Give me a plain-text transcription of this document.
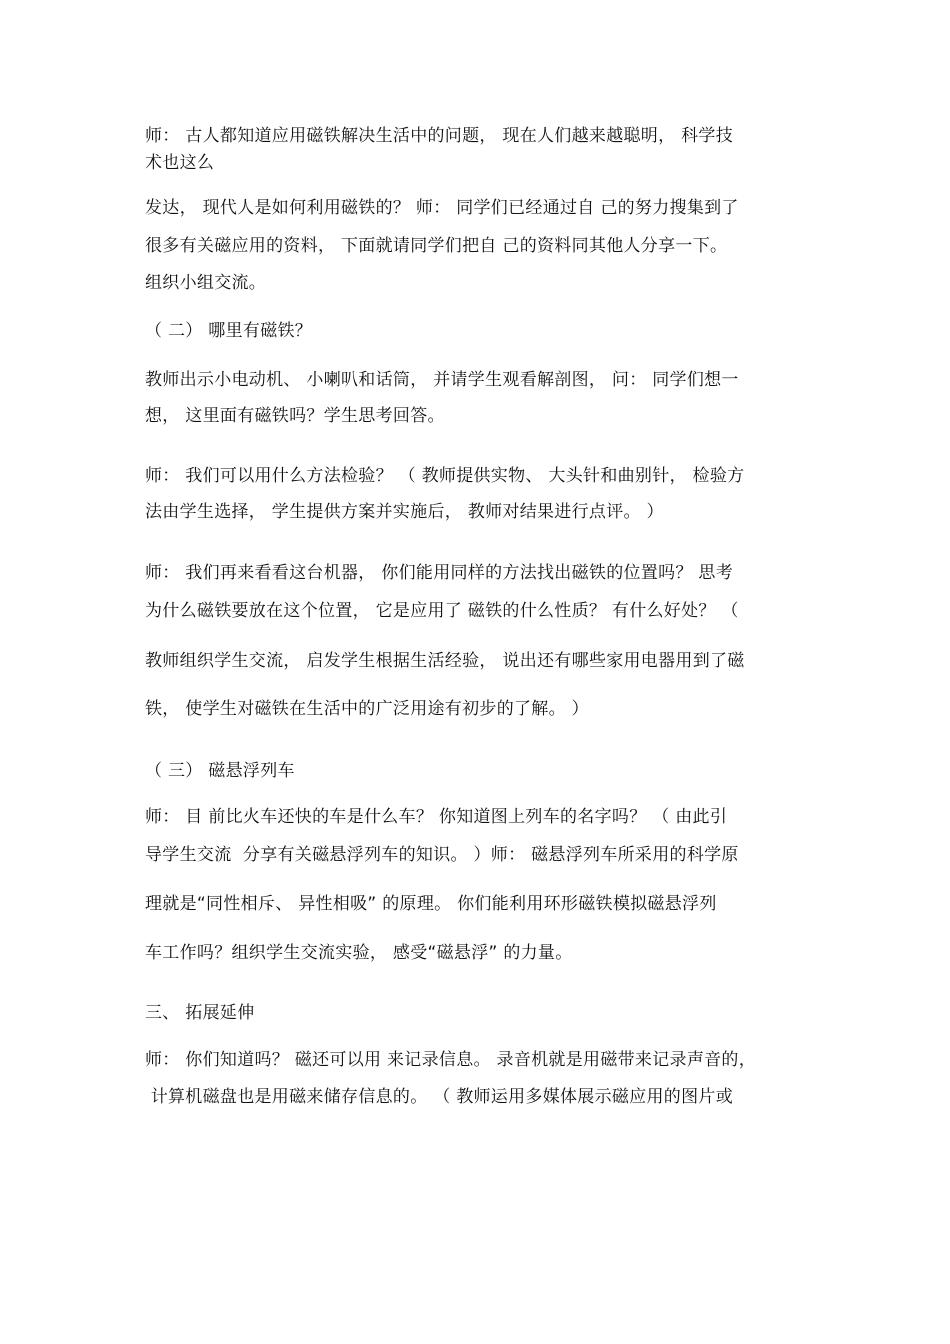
师： 古人都知道应用磁铁解决生活中的问题， 现在人们越来越聪明， 科学技
术也这么
发达， 现代人是如何利用磁铁的？ 师： 同学们已经通过自 己的努力搜集到了
很多有关磁应用的资料， 下面就请同学们把自 己的资料同其他人分享一下。
组织小组交流。
（ 二） 哪里有磁铁？
教师出示小电动机、 小喇叭和话筒， 并请学生观看解剖图， 问： 同学们想一
想， 这里面有磁铁吗？学生思考回答。
师： 我们可以用什么方法检验？ （ 教师提供实物、 大头针和曲别针， 检验方
法由学生选择， 学生提供方案并实施后， 教师对结果进行点评。 ）
师： 我们再来看看这台机器， 你们能用同样的方法找出磁铁的位置吗？ 思考
为什么磁铁要放在这个位置， 它是应用了 磁铁的什么性质？ 有什么好处？ （
教师组织学生交流， 启发学生根据生活经验， 说出还有哪些家用电器用到了磁
铁， 使学生对磁铁在生活中的广泛用途有初步的了解。 ）
（ 三） 磁悬浮列车
师： 目 前比火车还快的车是什么车？ 你知道图上列车的名字吗？ （ 由此引
导学生交流  分享有关磁悬浮列车的知识。 ）师： 磁悬浮列车所采用的科学原
理就是“同性相斥、 异性相吸” 的原理。 你们能利用环形磁铁模拟磁悬浮列
车工作吗？组织学生交流实验， 感受“磁悬浮” 的力量。
三、 拓展延伸
师： 你们知道吗？ 磁还可以用 来记录信息。 录音机就是用磁带来记录声音的，
计算机磁盘也是用磁来储存信息的。 （ 教师运用多媒体展示磁应用的图片或
